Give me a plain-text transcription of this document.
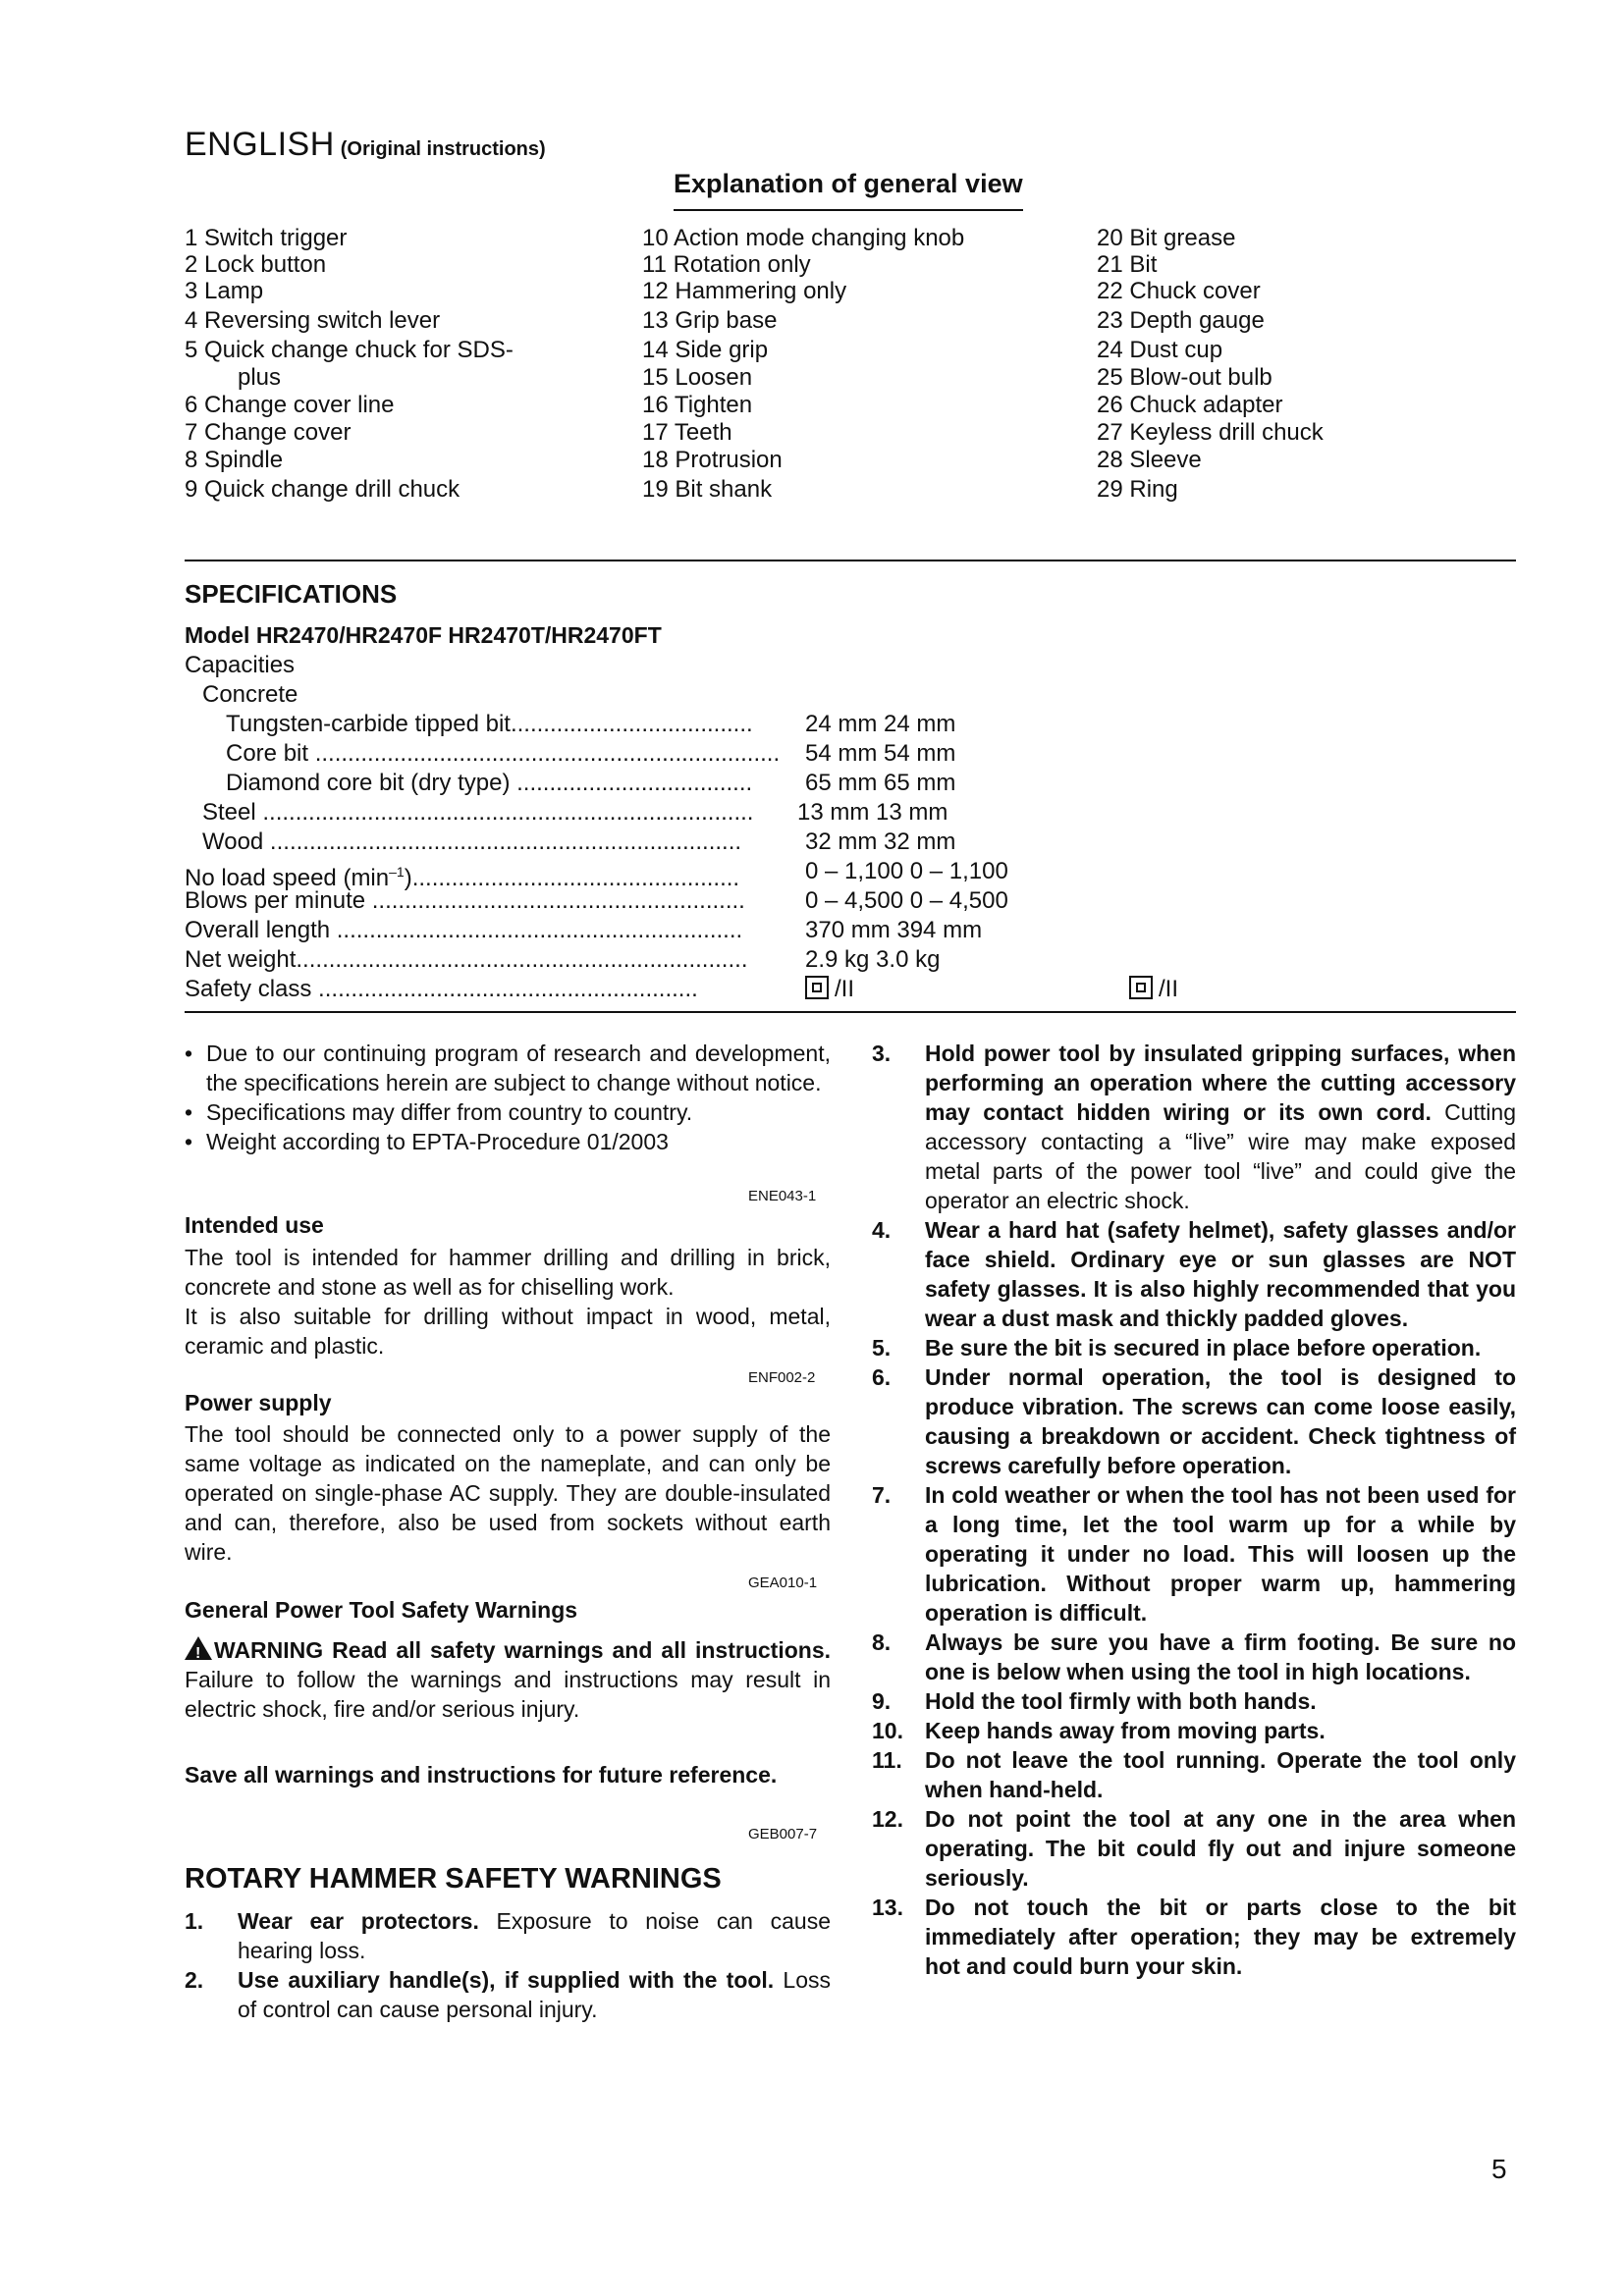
ENGLISH (Original instructions)
Explanation of general view
1 Switch trigger
2 Lock button
3 Lamp
4 Reversing switch lever
5 Quick change chuck for SDS-
plus
6 Change cover line
7 Change cover
8 Spindle
9 Quick change drill chuck
10 Action mode changing knob
11 Rotation only
12 Hammering only
13 Grip base
14 Side grip
15 Loosen
16 Tighten
17 Teeth
18 Protrusion
19 Bit shank
20 Bit grease
21 Bit
22 Chuck cover
23 Depth gauge
24 Dust cup
25 Blow-out bulb
26 Chuck adapter
27 Keyless drill chuck
28 Sleeve
29 Ring
SPECIFICATIONS
Model HR2470/HR2470F HR2470T/HR2470FT
Capacities
Concrete
Tungsten-carbide tipped bit..................................... 24 mm 24 mm
Core bit ....................................................................... 54 mm 54 mm
Diamond core bit (dry type) .................................... 65 mm 65 mm
Steel ........................................................................... 13 mm 13 mm
Wood ........................................................................	32 mm 32 mm
No load speed $(\min^{-1})$..................................................	0 – 1,100 0 – 1,100
Blows per minute .........................................................	0 – 4,500 0 – 4,500
Overall length ..............................................................	370 mm 394 mm
Net weight..................................................................... 2.9 kg 3.0 kg
Safety class ..........................................................	/II	/II
• Due to our continuing program of research and development, the specifications herein are subject to change without notice.
• Specifications may differ from country to country.
• Weight according to EPTA-Procedure 01/2003
ENE043-1
Intended use
The tool is intended for hammer drilling and drilling in brick, concrete and stone as well as for chiselling work.
It is also suitable for drilling without impact in wood, metal, ceramic and plastic.
ENF002-2
Power supply
The tool should be connected only to a power supply of the same voltage as indicated on the nameplate, and can only be operated on single-phase AC supply. They are double-insulated and can, therefore, also be used from sockets without earth wire.
GEA010-1
General Power Tool Safety Warnings
!WARNING Read all safety warnings and all instructions. Failure to follow the warnings and instructions may result in electric shock, fire and/or serious injury.
Save all warnings and instructions for future reference.
GEB007-7
ROTARY HAMMER SAFETY WARNINGS
1. Wear ear protectors. Exposure to noise can cause hearing loss.
2. Use auxiliary handle(s), if supplied with the tool. Loss of control can cause personal injury.
3. Hold power tool by insulated gripping surfaces, when performing an operation where the cutting accessory may contact hidden wiring or its own cord. Cutting accessory contacting a “live” wire may make exposed metal parts of the power tool “live” and could give the operator an electric shock.
4. Wear a hard hat (safety helmet), safety glasses and/or face shield. Ordinary eye or sun glasses are NOT safety glasses. It is also highly recommended that you wear a dust mask and thickly padded gloves.
5. Be sure the bit is secured in place before operation.
6. Under normal operation, the tool is designed to produce vibration. The screws can come loose easily, causing a breakdown or accident. Check tightness of screws carefully before operation.
7. In cold weather or when the tool has not been used for a long time, let the tool warm up for a while by operating it under no load. This will loosen up the lubrication. Without proper warm up, hammering operation is difficult.
8. Always be sure you have a firm footing. Be sure no one is below when using the tool in high locations.
9. Hold the tool firmly with both hands.
10. Keep hands away from moving parts.
11. Do not leave the tool running. Operate the tool only when hand-held.
12. Do not point the tool at any one in the area when operating. The bit could fly out and injure someone seriously.
13. Do not touch the bit or parts close to the bit immediately after operation; they may be extremely hot and could burn your skin.
5
